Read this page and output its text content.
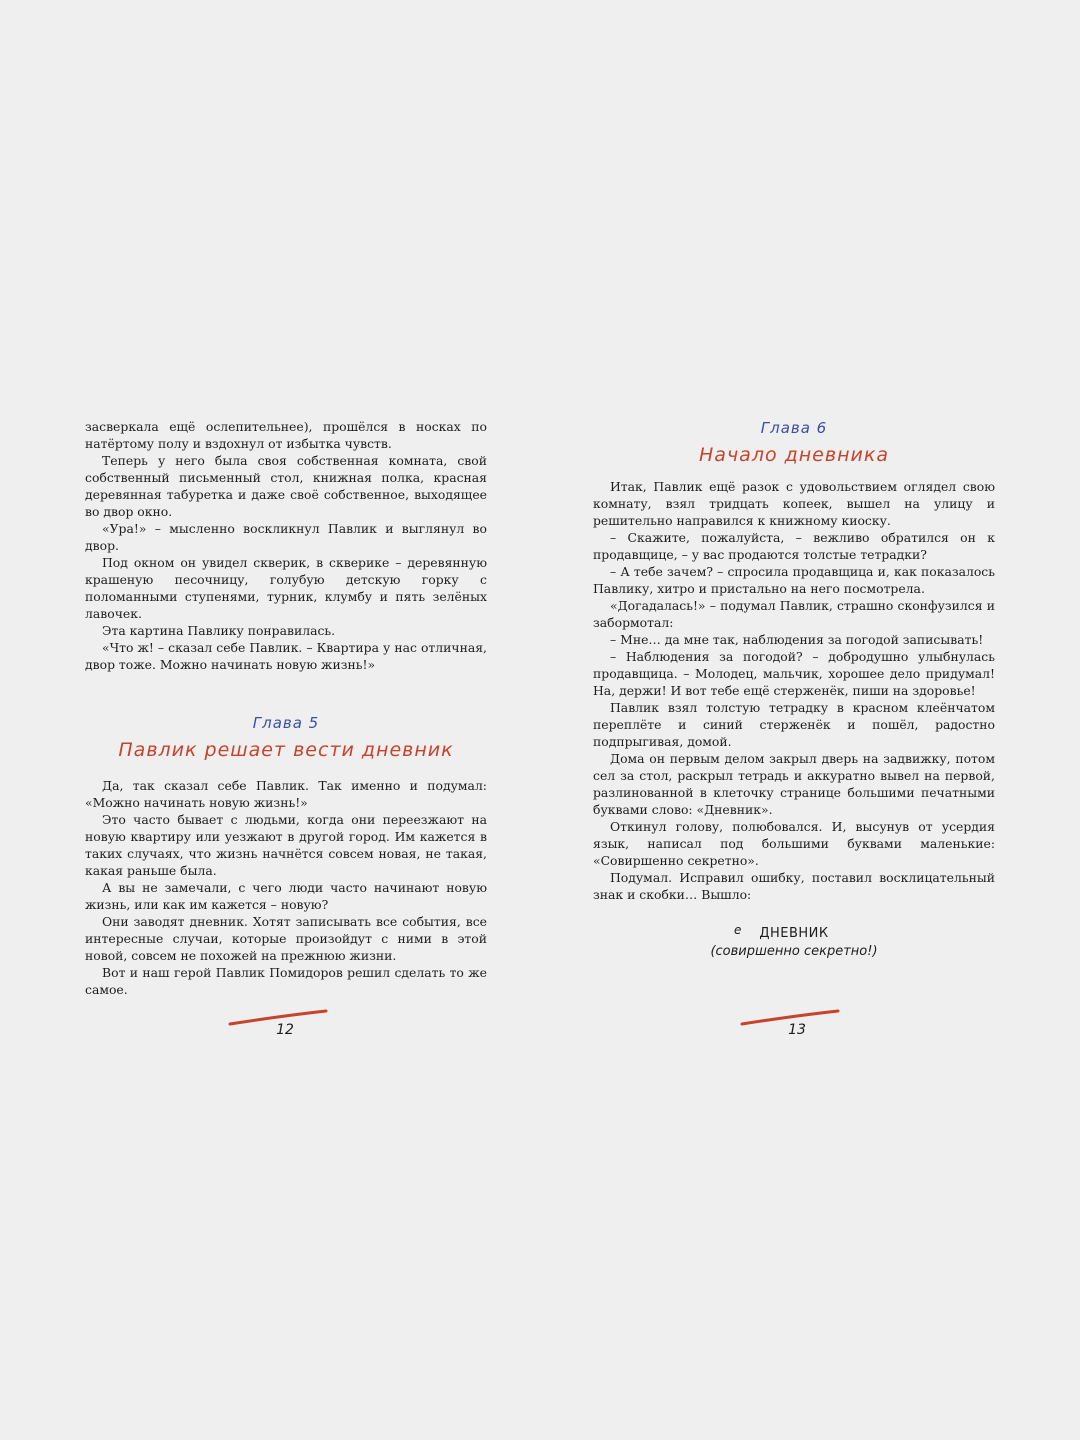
засверкала ещё ослепительнее), прошёлся в носках по натёртому полу и вздохнул от избытка чувств.

Теперь у него была своя собственная комната, свой собственный письменный стол, книжная полка, красная деревянная табуретка и даже своё собственное, выходящее во двор окно.

«Ура!» – мысленно воскликнул Павлик и выглянул во двор.

Под окном он увидел скверик, в скверике – деревянную крашеную песочницу, голубую детскую горку с поломанными ступенями, турник, клумбу и пять зелёных лавочек.

Эта картина Павлику понравилась.

«Что ж! – сказал себе Павлик. – Квартира у нас отличная, двор тоже. Можно начинать новую жизнь!»

Глава 5

Павлик решает вести дневник

Да, так сказал себе Павлик. Так именно и подумал: «Можно начинать новую жизнь!»

Это часто бывает с людьми, когда они переезжают на новую квартиру или уезжают в другой город. Им кажется в таких случаях, что жизнь начнётся совсем новая, не такая, какая раньше была.

А вы не замечали, с чего люди часто начинают новую жизнь, или как им кажется – новую?

Они заводят дневник. Хотят записывать все события, все интересные случаи, которые произойдут с ними в этой новой, совсем не похожей на прежнюю жизни.

Вот и наш герой Павлик Помидоров решил сделать то же самое.

Глава 6

Начало дневника

Итак, Павлик ещё разок с удовольствием оглядел свою комнату, взял тридцать копеек, вышел на улицу и решительно направился к книжному киоску.

– Скажите, пожалуйста, – вежливо обратился он к продавщице, – у вас продаются толстые тетрадки?

– А тебе зачем? – спросила продавщица и, как показалось Павлику, хитро и пристально на него посмотрела.

«Догадалась!» – подумал Павлик, страшно сконфузился и забормотал:

– Мне… да мне так, наблюдения за погодой записывать!

– Наблюдения за погодой? – добродушно улыбнулась продавщица. – Молодец, мальчик, хорошее дело придумал! На, держи! И вот тебе ещё стерженёк, пиши на здоровье!

Павлик взял толстую тетрадку в красном клеёнчатом переплёте и синий стерженёк и пошёл, радостно подпрыгивая, домой.

Дома он первым делом закрыл дверь на задвижку, потом сел за стол, раскрыл тетрадь и аккуратно вывел на первой, разлинованной в клеточку странице большими печатными буквами слово: «Дневник».

Откинул голову, полюбовался. И, высунув от усердия язык, написал под большими буквами маленькие: «Совиршенно секретно».

Подумал. Исправил ошибку, поставил восклицательный знак и скобки… Вышло:

е	ДНЕВНИК
(совиршенно секретно!)
12	13
